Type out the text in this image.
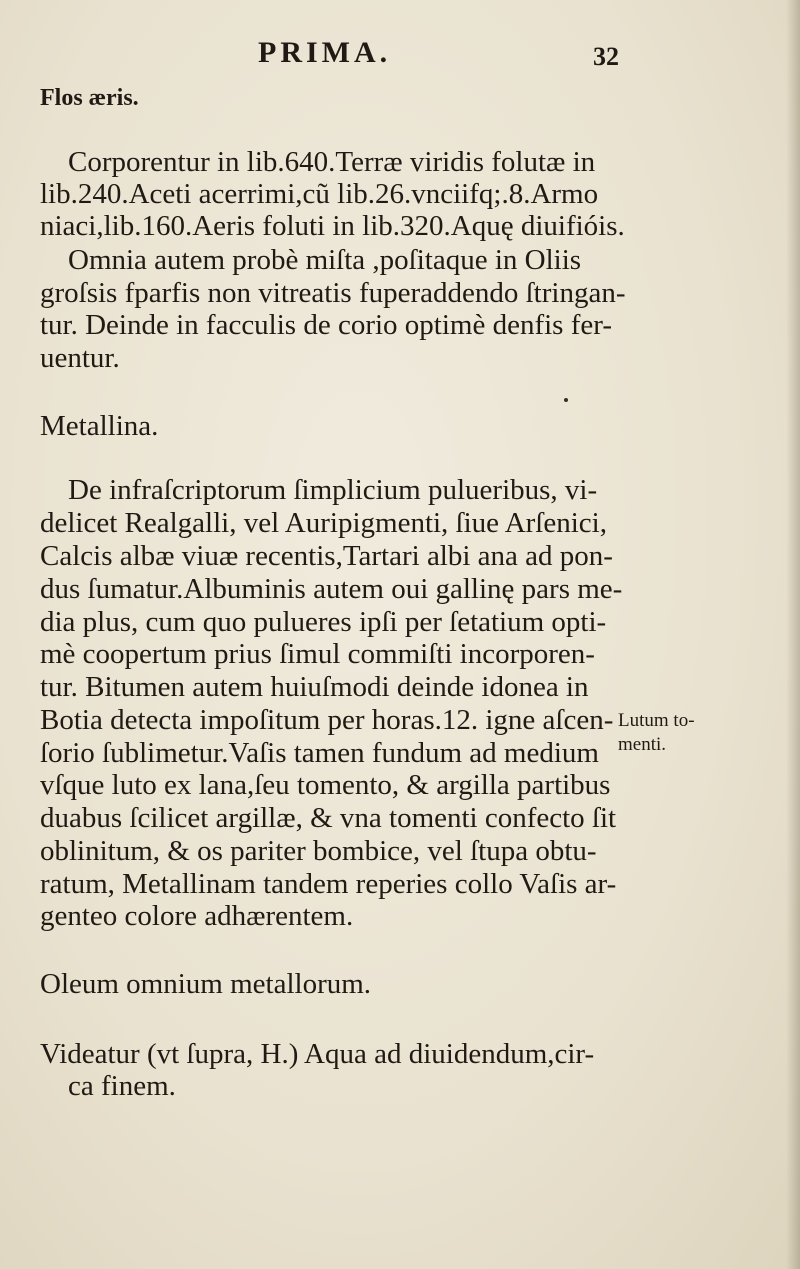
PRIMA.	32
Flos æris.
Corporentur in lib.640.Terræ viridis folutæ in
lib.240.Aceti acerrimi,cũ lib.26.vnciifq;.8.Armo
niaci,lib.160.Aeris foluti in lib.320.Aquę diuifióis.
Omnia autem probè miſta ,poſitaque in Oliis
groſsis fparfis non vitreatis fuperaddendo ſtringan-
tur. Deinde in facculis de corio optimè denfis fer-
uentur.
Metallina.
De infraſcriptorum ſimplicium pulueribus, vi-
delicet Realgalli, vel Auripigmenti, ſiue Arſenici,
Calcis albæ viuæ recentis,Tartari albi ana ad pon-
dus ſumatur.Albuminis autem oui gallinę pars me-
dia plus, cum quo pulueres ipſi per ſetatium opti-
mè coopertum prius ſimul commiſti incorporen-
tur. Bitumen autem huiuſmodi deinde idonea in
Botia detecta impoſitum per horas.12. igne aſcen-
ſorio ſublimetur.Vaſis tamen fundum ad medium
vſque luto ex lana,ſeu tomento, & argilla partibus
duabus ſcilicet argillæ, & vna tomenti confecto ſit
oblinitum, & os pariter bombice, vel ſtupa obtu-
ratum, Metallinam tandem reperies collo Vaſis ar-
genteo colore adhærentem.
Lutum to-
menti.
Oleum omnium metallorum.
Videatur (vt ſupra, H.) Aqua ad diuidendum,cir-
ca finem.
